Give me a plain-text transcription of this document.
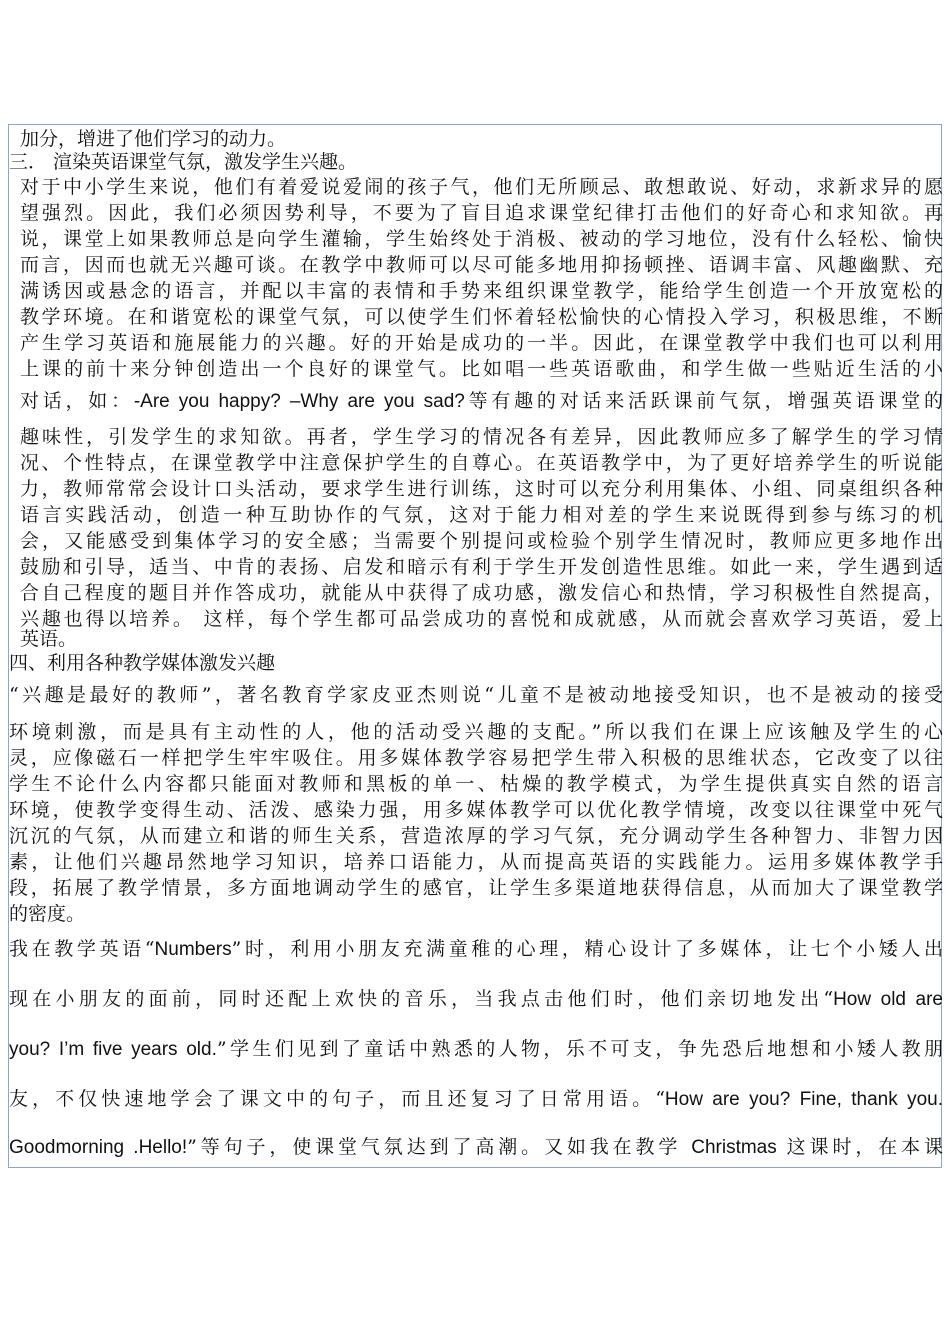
加分，增进了他们学习的动力。
三． 渲染英语课堂气氛，激发学生兴趣。
对于中小学生来说，他们有着爱说爱闹的孩子气，他们无所顾忌、敢想敢说、好动，求新求异的愿
望强烈。因此，我们必须因势利导，不要为了盲目追求课堂纪律打击他们的好奇心和求知欲。再
说，课堂上如果教师总是向学生灌输，学生始终处于消极、被动的学习地位，没有什么轻松、愉快
而言，因而也就无兴趣可谈。在教学中教师可以尽可能多地用抑扬顿挫、语调丰富、风趣幽默、充
满诱因或悬念的语言，并配以丰富的表情和手势来组织课堂教学，能给学生创造一个开放宽松的
教学环境。在和谐宽松的课堂气氛，可以使学生们怀着轻松愉快的心情投入学习，积极思维，不断
产生学习英语和施展能力的兴趣。好的开始是成功的一半。因此，在课堂教学中我们也可以利用
上课的前十来分钟创造出一个良好的课堂气。比如唱一些英语歌曲，和学生做一些贴近生活的小
对话，如：-Are you happy? –Why are you sad?等有趣的对话来活跃课前气氛，增强英语课堂的
趣味性，引发学生的求知欲。再者，学生学习的情况各有差异，因此教师应多了解学生的学习情
况、个性特点，在课堂教学中注意保护学生的自尊心。在英语教学中，为了更好培养学生的听说能
力，教师常常会设计口头活动，要求学生进行训练，这时可以充分利用集体、小组、同桌组织各种
语言实践活动，创造一种互助协作的气氛，这对于能力相对差的学生来说既得到参与练习的机
会，又能感受到集体学习的安全感；当需要个别提问或检验个别学生情况时，教师应更多地作出
鼓励和引导，适当、中肯的表扬、启发和暗示有利于学生开发创造性思维。如此一来，学生遇到适
合自己程度的题目并作答成功，就能从中获得了成功感，激发信心和热情，学习积极性自然提高，
兴趣也得以培养。 这样，每个学生都可品尝成功的喜悦和成就感，从而就会喜欢学习英语，爱上
英语。
四、利用各种教学媒体激发兴趣
“兴趣是最好的教师”，著名教育学家皮亚杰则说“儿童不是被动地接受知识，也不是被动的接受
环境刺激，而是具有主动性的人，他的活动受兴趣的支配。”所以我们在课上应该触及学生的心
灵，应像磁石一样把学生牢牢吸住。用多媒体教学容易把学生带入积极的思维状态，它改变了以往
学生不论什么内容都只能面对教师和黑板的单一、枯燥的教学模式，为学生提供真实自然的语言
环境，使教学变得生动、活泼、感染力强，用多媒体教学可以优化教学情境，改变以往课堂中死气
沉沉的气氛，从而建立和谐的师生关系，营造浓厚的学习气氛，充分调动学生各种智力、非智力因
素，让他们兴趣昂然地学习知识，培养口语能力，从而提高英语的实践能力。运用多媒体教学手
段，拓展了教学情景，多方面地调动学生的感官，让学生多渠道地获得信息，从而加大了课堂教学
的密度。
我在教学英语“Numbers”时，利用小朋友充满童稚的心理，精心设计了多媒体，让七个小矮人出
现在小朋友的面前，同时还配上欢快的音乐，当我点击他们时，他们亲切地发出“How old are
you? I’m five years old.”学生们见到了童话中熟悉的人物，乐不可支，争先恐后地想和小矮人教朋
友，不仅快速地学会了课文中的句子，而且还复习了日常用语。“How are you? Fine, thank you.
Goodmorning .Hello!”等句子，使课堂气氛达到了高潮。又如我在教学 Christmas 这课时，在本课
